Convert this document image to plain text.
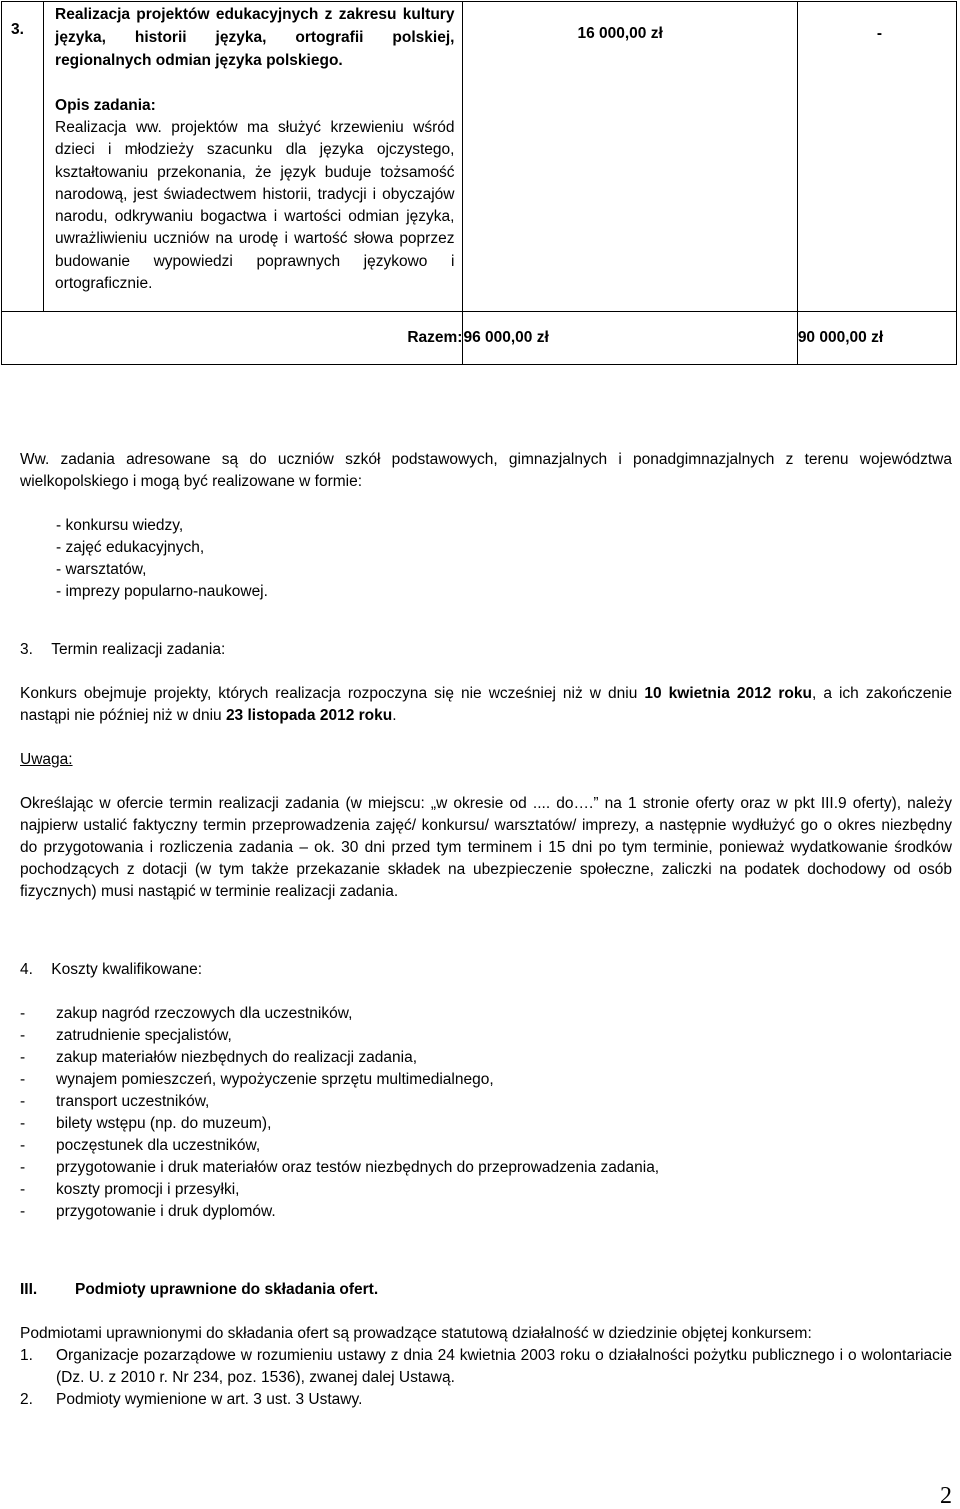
3.	Realizacja projektów edukacyjnych z zakresu kultury języka, historii języka, ortografii polskiej, regionalnych odmian języka polskiego.

Opis zadania:

Realizacja ww. projektów ma służyć krzewieniu wśród dzieci i młodzieży szacunku dla języka ojczystego, kształtowaniu przekonania, że język buduje tożsamość narodową, jest świadectwem historii, tradycji i obyczajów narodu, odkrywaniu bogactwa i wartości odmian języka, uwrażliwieniu uczniów na urodę i wartość słowa poprzez budowanie wypowiedzi poprawnych językowo i ortograficznie.	16 000,00 zł	-

Razem:		96 000,00 zł	90 000,00 zł

Ww. zadania adresowane są do uczniów szkół podstawowych, gimnazjalnych i ponadgimnazjalnych z terenu województwa wielkopolskiego i mogą być realizowane w formie:

- konkursu wiedzy,
- zajęć edukacyjnych,
- warsztatów,
- imprezy popularno-naukowej.

3. Termin realizacji zadania:

Konkurs obejmuje projekty, których realizacja rozpoczyna się nie wcześniej niż w dniu 10 kwietnia 2012 roku, a ich zakończenie nastąpi nie później niż w dniu 23 listopada 2012 roku.

Uwaga:

Określając w ofercie termin realizacji zadania (w miejscu: „w okresie od .... do….” na 1 stronie oferty oraz w pkt III.9 oferty), należy najpierw ustalić faktyczny termin przeprowadzenia zajęć/ konkursu/ warsztatów/ imprezy, a następnie wydłużyć go o okres niezbędny do przygotowania i rozliczenia zadania – ok. 30 dni przed tym terminem i 15 dni po tym terminie, ponieważ wydatkowanie środków pochodzących z dotacji (w tym także przekazanie składek na ubezpieczenie społeczne, zaliczki na podatek dochodowy od osób fizycznych) musi nastąpić w terminie realizacji zadania.

4. Koszty kwalifikowane:

-	zakup nagród rzeczowych dla uczestników,
-	zatrudnienie specjalistów,
-	zakup materiałów niezbędnych do realizacji zadania,
-	wynajem pomieszczeń, wypożyczenie sprzętu multimedialnego,
-	transport uczestników,
-	bilety wstępu (np. do muzeum),
-	poczęstunek dla uczestników,
-	przygotowanie i druk materiałów oraz testów niezbędnych do przeprowadzenia zadania,
-	koszty promocji i przesyłki,
-	przygotowanie i druk dyplomów.

III.	Podmioty uprawnione do składania ofert.

Podmiotami uprawnionymi do składania ofert są prowadzące statutową działalność w dziedzinie objętej konkursem:

1.	Organizacje pozarządowe w rozumieniu ustawy z dnia 24 kwietnia 2003 roku o działalności pożytku publicznego i o wolontariacie (Dz. U. z 2010 r. Nr 234, poz. 1536), zwanej dalej Ustawą.
2.	Podmioty wymienione w art. 3 ust. 3 Ustawy.
2
